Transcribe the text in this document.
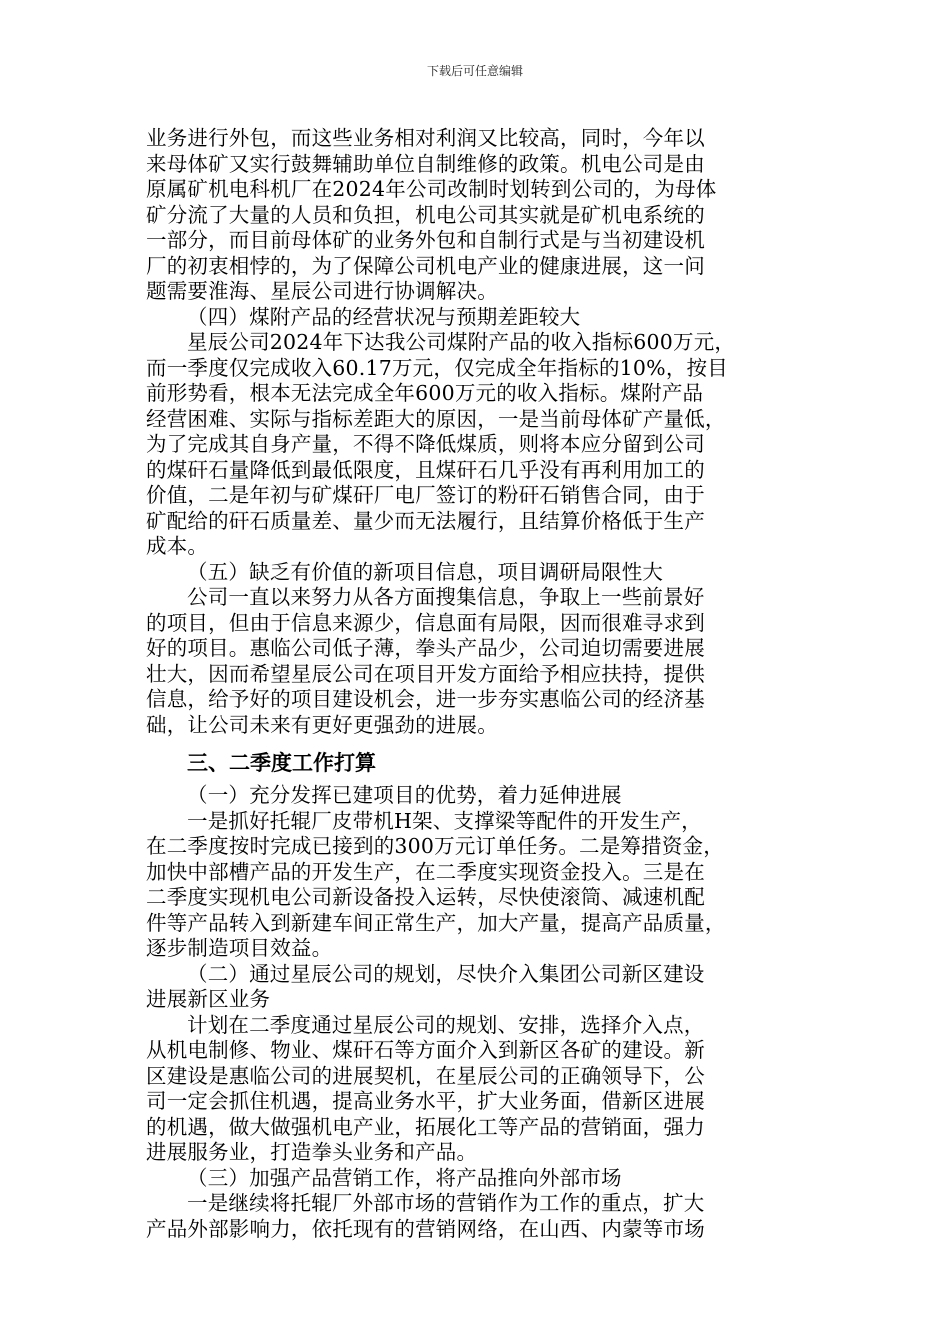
下载后可任意编辑
业务进行外包，而这些业务相对利润又比较高，同时，今年以
来母体矿又实行鼓舞辅助单位自制维修的政策。机电公司是由
原属矿机电科机厂在2024年公司改制时划转到公司的，为母体
矿分流了大量的人员和负担，机电公司其实就是矿机电系统的
一部分，而目前母体矿的业务外包和自制行式是与当初建设机
厂的初衷相悖的，为了保障公司机电产业的健康进展，这一问
题需要淮海、星辰公司进行协调解决。
（四）煤附产品的经营状况与预期差距较大
星辰公司2024年下达我公司煤附产品的收入指标600万元，
而一季度仅完成收入60.17万元，仅完成全年指标的10%，按目
前形势看，根本无法完成全年600万元的收入指标。煤附产品
经营困难、实际与指标差距大的原因，一是当前母体矿产量低，
为了完成其自身产量，不得不降低煤质，则将本应分留到公司
的煤矸石量降低到最低限度，且煤矸石几乎没有再利用加工的
价值，二是年初与矿煤矸厂电厂签订的粉矸石销售合同，由于
矿配给的矸石质量差、量少而无法履行，且结算价格低于生产
成本。
（五）缺乏有价值的新项目信息，项目调研局限性大
公司一直以来努力从各方面搜集信息，争取上一些前景好
的项目，但由于信息来源少，信息面有局限，因而很难寻求到
好的项目。惠临公司低子薄，拳头产品少，公司迫切需要进展
壮大，因而希望星辰公司在项目开发方面给予相应扶持，提供
信息，给予好的项目建设机会，进一步夯实惠临公司的经济基
础，让公司未来有更好更强劲的进展。
三、二季度工作打算
（一）充分发挥已建项目的优势，着力延伸进展
一是抓好托辊厂皮带机H架、支撑梁等配件的开发生产，
在二季度按时完成已接到的300万元订单任务。二是筹措资金，
加快中部槽产品的开发生产，在二季度实现资金投入。三是在
二季度实现机电公司新设备投入运转，尽快使滚筒、减速机配
件等产品转入到新建车间正常生产，加大产量，提高产品质量，
逐步制造项目效益。
（二）通过星辰公司的规划，尽快介入集团公司新区建设
进展新区业务
计划在二季度通过星辰公司的规划、安排，选择介入点，
从机电制修、物业、煤矸石等方面介入到新区各矿的建设。新
区建设是惠临公司的进展契机，在星辰公司的正确领导下，公
司一定会抓住机遇，提高业务水平，扩大业务面，借新区进展
的机遇，做大做强机电产业，拓展化工等产品的营销面，强力
进展服务业，打造拳头业务和产品。
（三）加强产品营销工作，将产品推向外部市场
一是继续将托辊厂外部市场的营销作为工作的重点，扩大
产品外部影响力，依托现有的营销网络，在山西、内蒙等市场
